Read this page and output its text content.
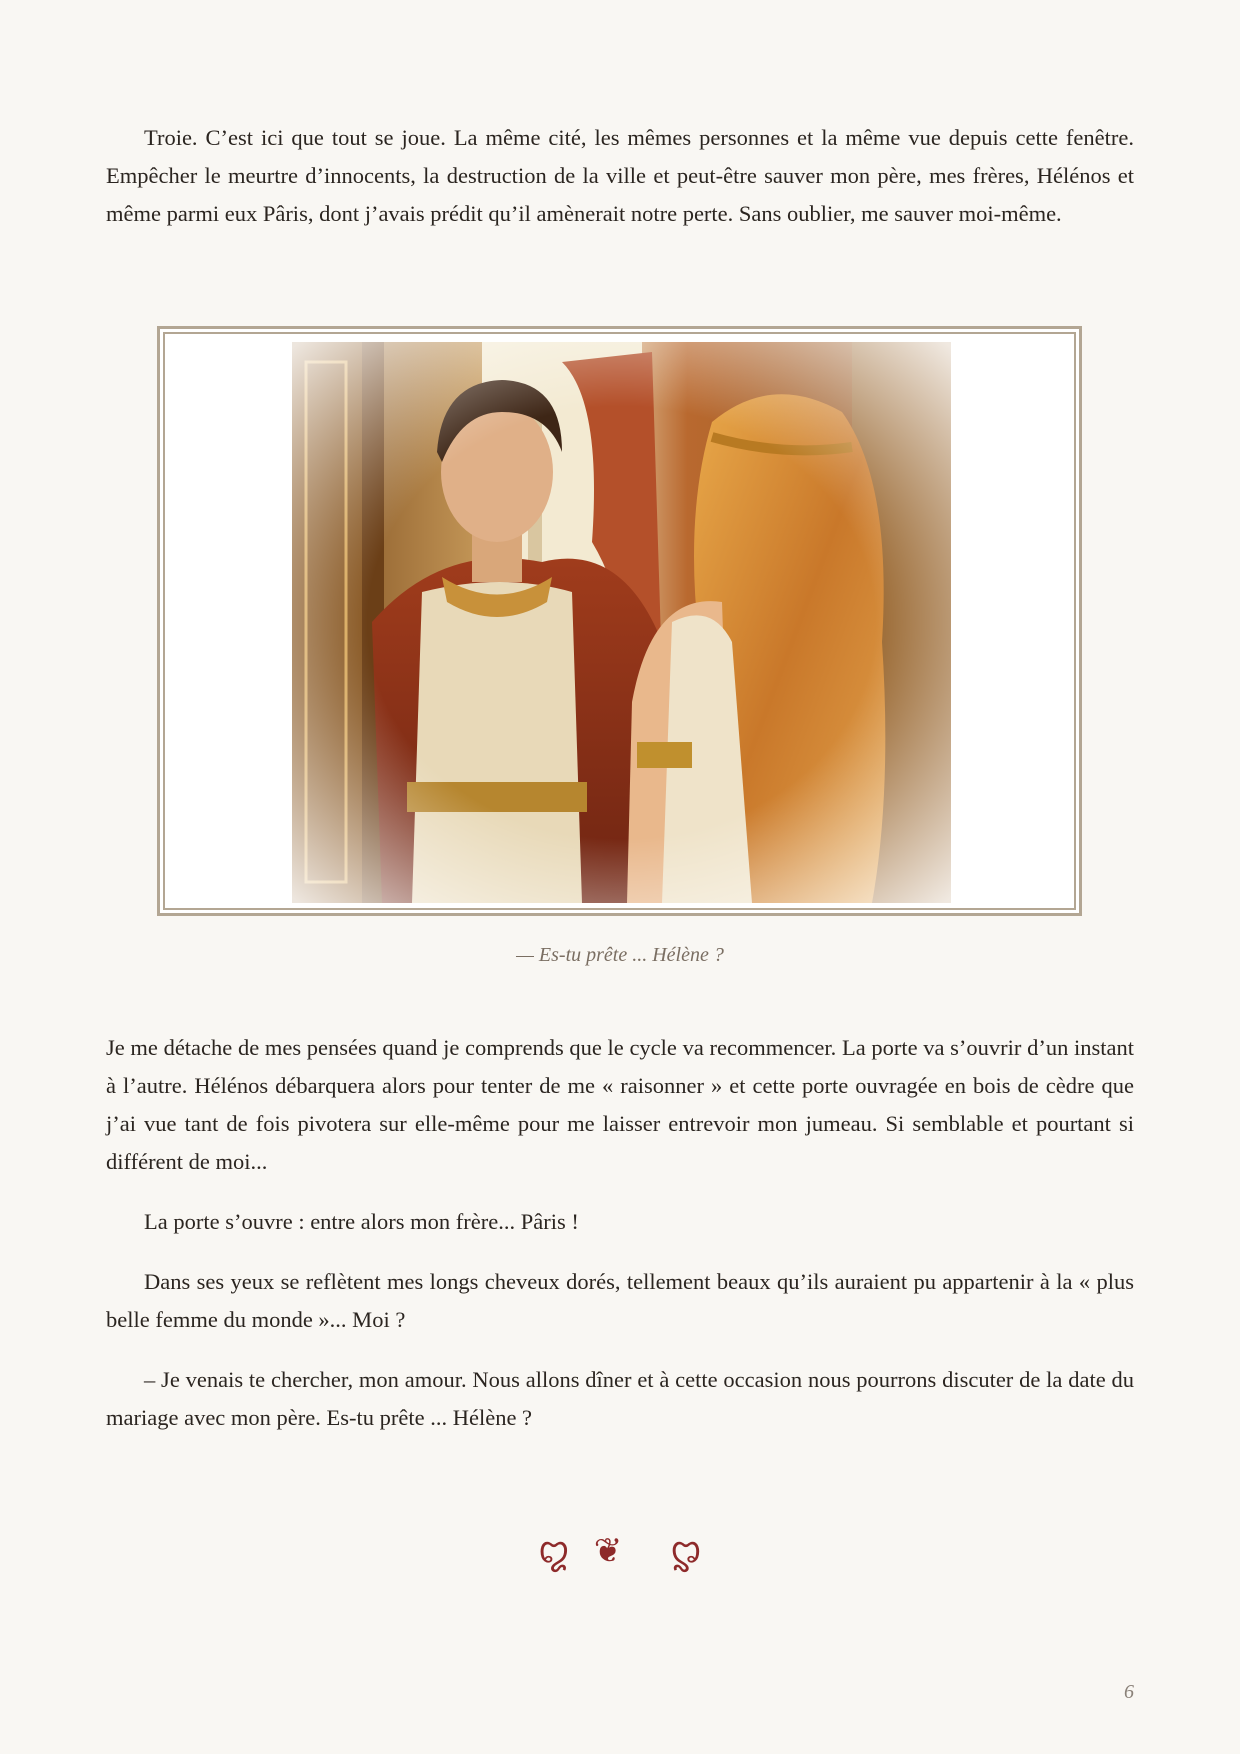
Troie. C’est ici que tout se joue. La même cité, les mêmes personnes et la même vue depuis cette fenêtre. Empêcher le meurtre d’innocents, la destruction de la ville et peut-être sauver mon père, mes frères, Hélénos et même parmi eux Pâris, dont j’avais prédit qu’il amènerait notre perte. Sans oublier, me sauver moi-même.

— Es-tu prête ... Hélène ?

Je me détache de mes pensées quand je comprends que le cycle va recommencer. La porte va s’ouvrir d’un instant à l’autre. Hélénos débarquera alors pour tenter de me « raisonner » et cette porte ouvragée en bois de cèdre que j’ai vue tant de fois pivotera sur elle-même pour me laisser entrevoir mon jumeau. Si semblable et pourtant si différent de moi...

La porte s’ouvre : entre alors mon frère... Pâris !

Dans ses yeux se reflètent mes longs cheveux dorés, tellement beaux qu’ils auraient pu appartenir à la « plus belle femme du monde »... Moi ?

– Je venais te chercher, mon amour. Nous allons dîner et à cette occasion nous pourrons discuter de la date du mariage avec mon père. Es-tu prête ... Hélène ?

ꨁ❦ꨁ
6
